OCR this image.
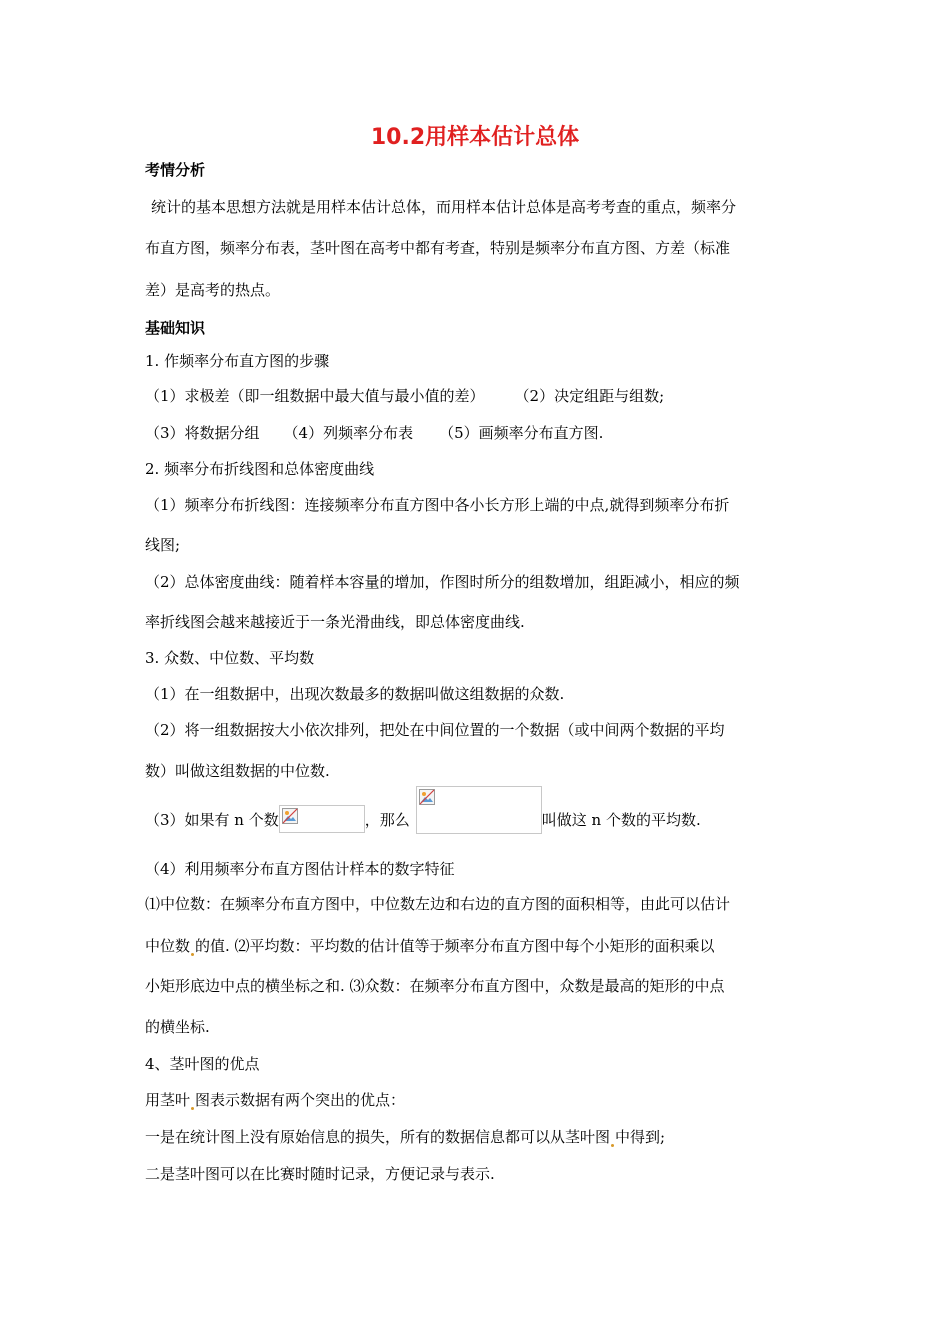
10.2用样本估计总体
考情分析
统计的基本思想方法就是用样本估计总体，而用样本估计总体是高考考查的重点，频率分
布直方图，频率分布表，茎叶图在高考中都有考查，特别是频率分布直方图、方差（标准
差）是高考的热点。
基础知识
1. 作频率分布直方图的步骤
（1）求极差（即一组数据中最大值与最小值的差） （2）决定组距与组数;
（3）将数据分组 （4）列频率分布表 （5）画频率分布直方图.
2. 频率分布折线图和总体密度曲线
（1）频率分布折线图：连接频率分布直方图中各小长方形上端的中点,就得到频率分布折
线图;
（2）总体密度曲线：随着样本容量的增加，作图时所分的组数增加，组距减小，相应的频
率折线图会越来越接近于一条光滑曲线，即总体密度曲线.
3. 众数、中位数、平均数
（1）在一组数据中，出现次数最多的数据叫做这组数据的众数.
（2）将一组数据按大小依次排列，把处在中间位置的一个数据（或中间两个数据的平均
数）叫做这组数据的中位数.
（3）如果有 n 个数	，那么	叫做这 n 个数的平均数.
（4）利用频率分布直方图估计样本的数字特征
⑴中位数：在频率分布直方图中，中位数左边和右边的直方图的面积相等，由此可以估计
中位数 的值. ⑵平均数：平均数的估计值等于频率分布直方图中每个小矩形的面积乘以
小矩形底边中点的横坐标之和. ⑶众数：在频率分布直方图中，众数是最高的矩形的中点
的横坐标.
4、茎叶图的优点
用茎叶 图表示数据有两个突出的优点：
一是在统计图上没有原始信息的损失，所有的数据信息都可以从茎叶图 中得到;
二是茎叶图可以在比赛时随时记录，方便记录与表示.
